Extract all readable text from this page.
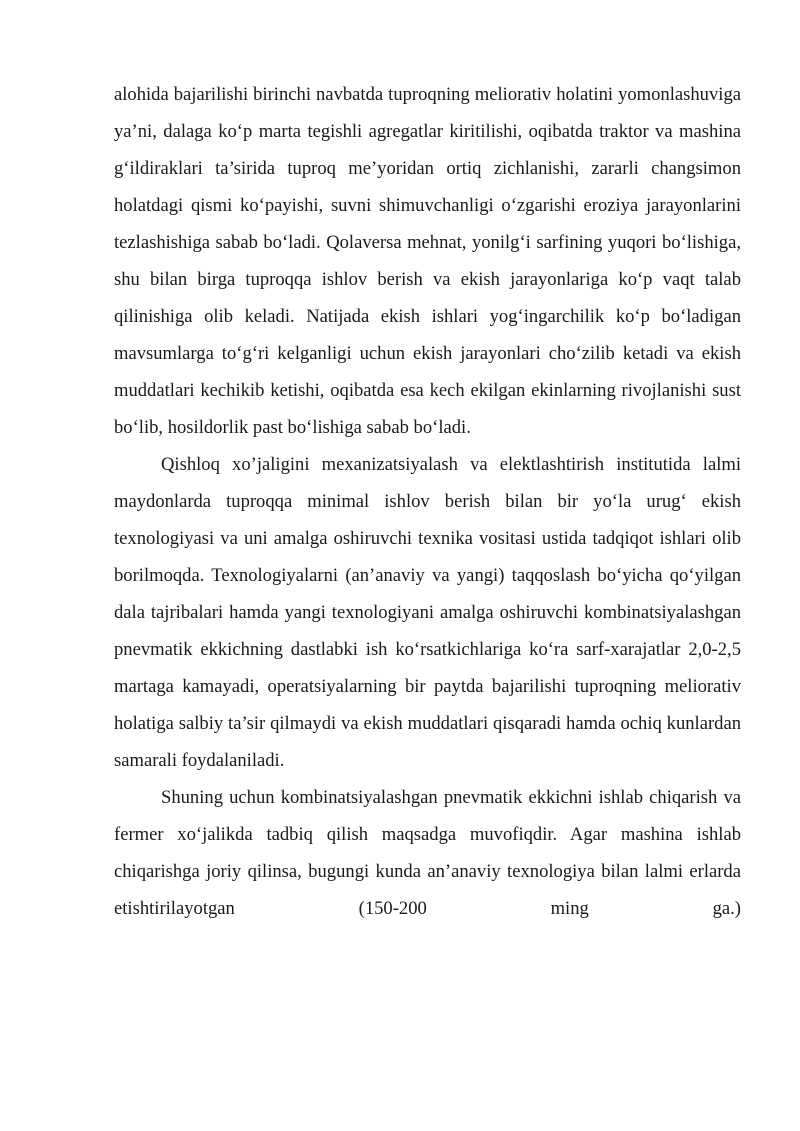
alohida bajarilishi birinchi navbatda tuproqning meliorativ holatini yomonlashuviga ya’ni, dalaga ko‘p marta tegishli agregatlar kiritilishi, oqibatda traktor va mashina g‘ildiraklari ta’sirida tuproq me’yoridan ortiq zichlanishi, zararli changsimon holatdagi qismi ko‘payishi, suvni shimuvchanligi o‘zgarishi eroziya jarayonlarini tezlashishiga sabab bo‘ladi. Qolaversa mehnat, yonilg‘i sarfining yuqori bo‘lishiga, shu bilan birga tuproqqa ishlov berish va ekish jarayonlariga ko‘p vaqt talab qilinishiga olib keladi. Natijada ekish ishlari yog‘ingarchilik ko‘p bo‘ladigan mavsumlarga to‘g‘ri kelganligi uchun ekish jarayonlari cho‘zilib ketadi va ekish muddatlari kechikib ketishi, oqibatda esa kech ekilgan ekinlarning rivojlanishi sust bo‘lib, hosildorlik past bo‘lishiga sabab bo‘ladi.

Qishloq xo’jaligini mexanizatsiyalash va elektlashtirish institutida lalmi maydonlarda tuproqqa minimal ishlov berish bilan bir yo‘la urug‘ ekish texnologiyasi va uni amalga oshiruvchi texnika vositasi ustida tadqiqot ishlari olib borilmoqda. Texnologiyalarni (an’anaviy va yangi) taqqoslash bo‘yicha qo‘yilgan dala tajribalari hamda yangi texnologiyani amalga oshiruvchi kombinatsiyalashgan pnevmatik ekkichning dastlabki ish ko‘rsatkichlariga ko‘ra sarf-xarajatlar 2,0-2,5 martaga kamayadi, operatsiyalarning bir paytda bajarilishi tuproqning meliorativ holatiga salbiy ta’sir qilmaydi va ekish muddatlari qisqaradi hamda ochiq kunlardan samarali foydalaniladi.

Shuning uchun kombinatsiyalashgan pnevmatik ekkichni ishlab chiqarish va fermer xo‘jalikda tadbiq qilish maqsadga muvofiqdir. Agar mashina ishlab chiqarishga joriy qilinsa, bugungi kunda an’anaviy texnologiya bilan lalmi erlarda etishtirilayotgan (150-200 ming ga.)
